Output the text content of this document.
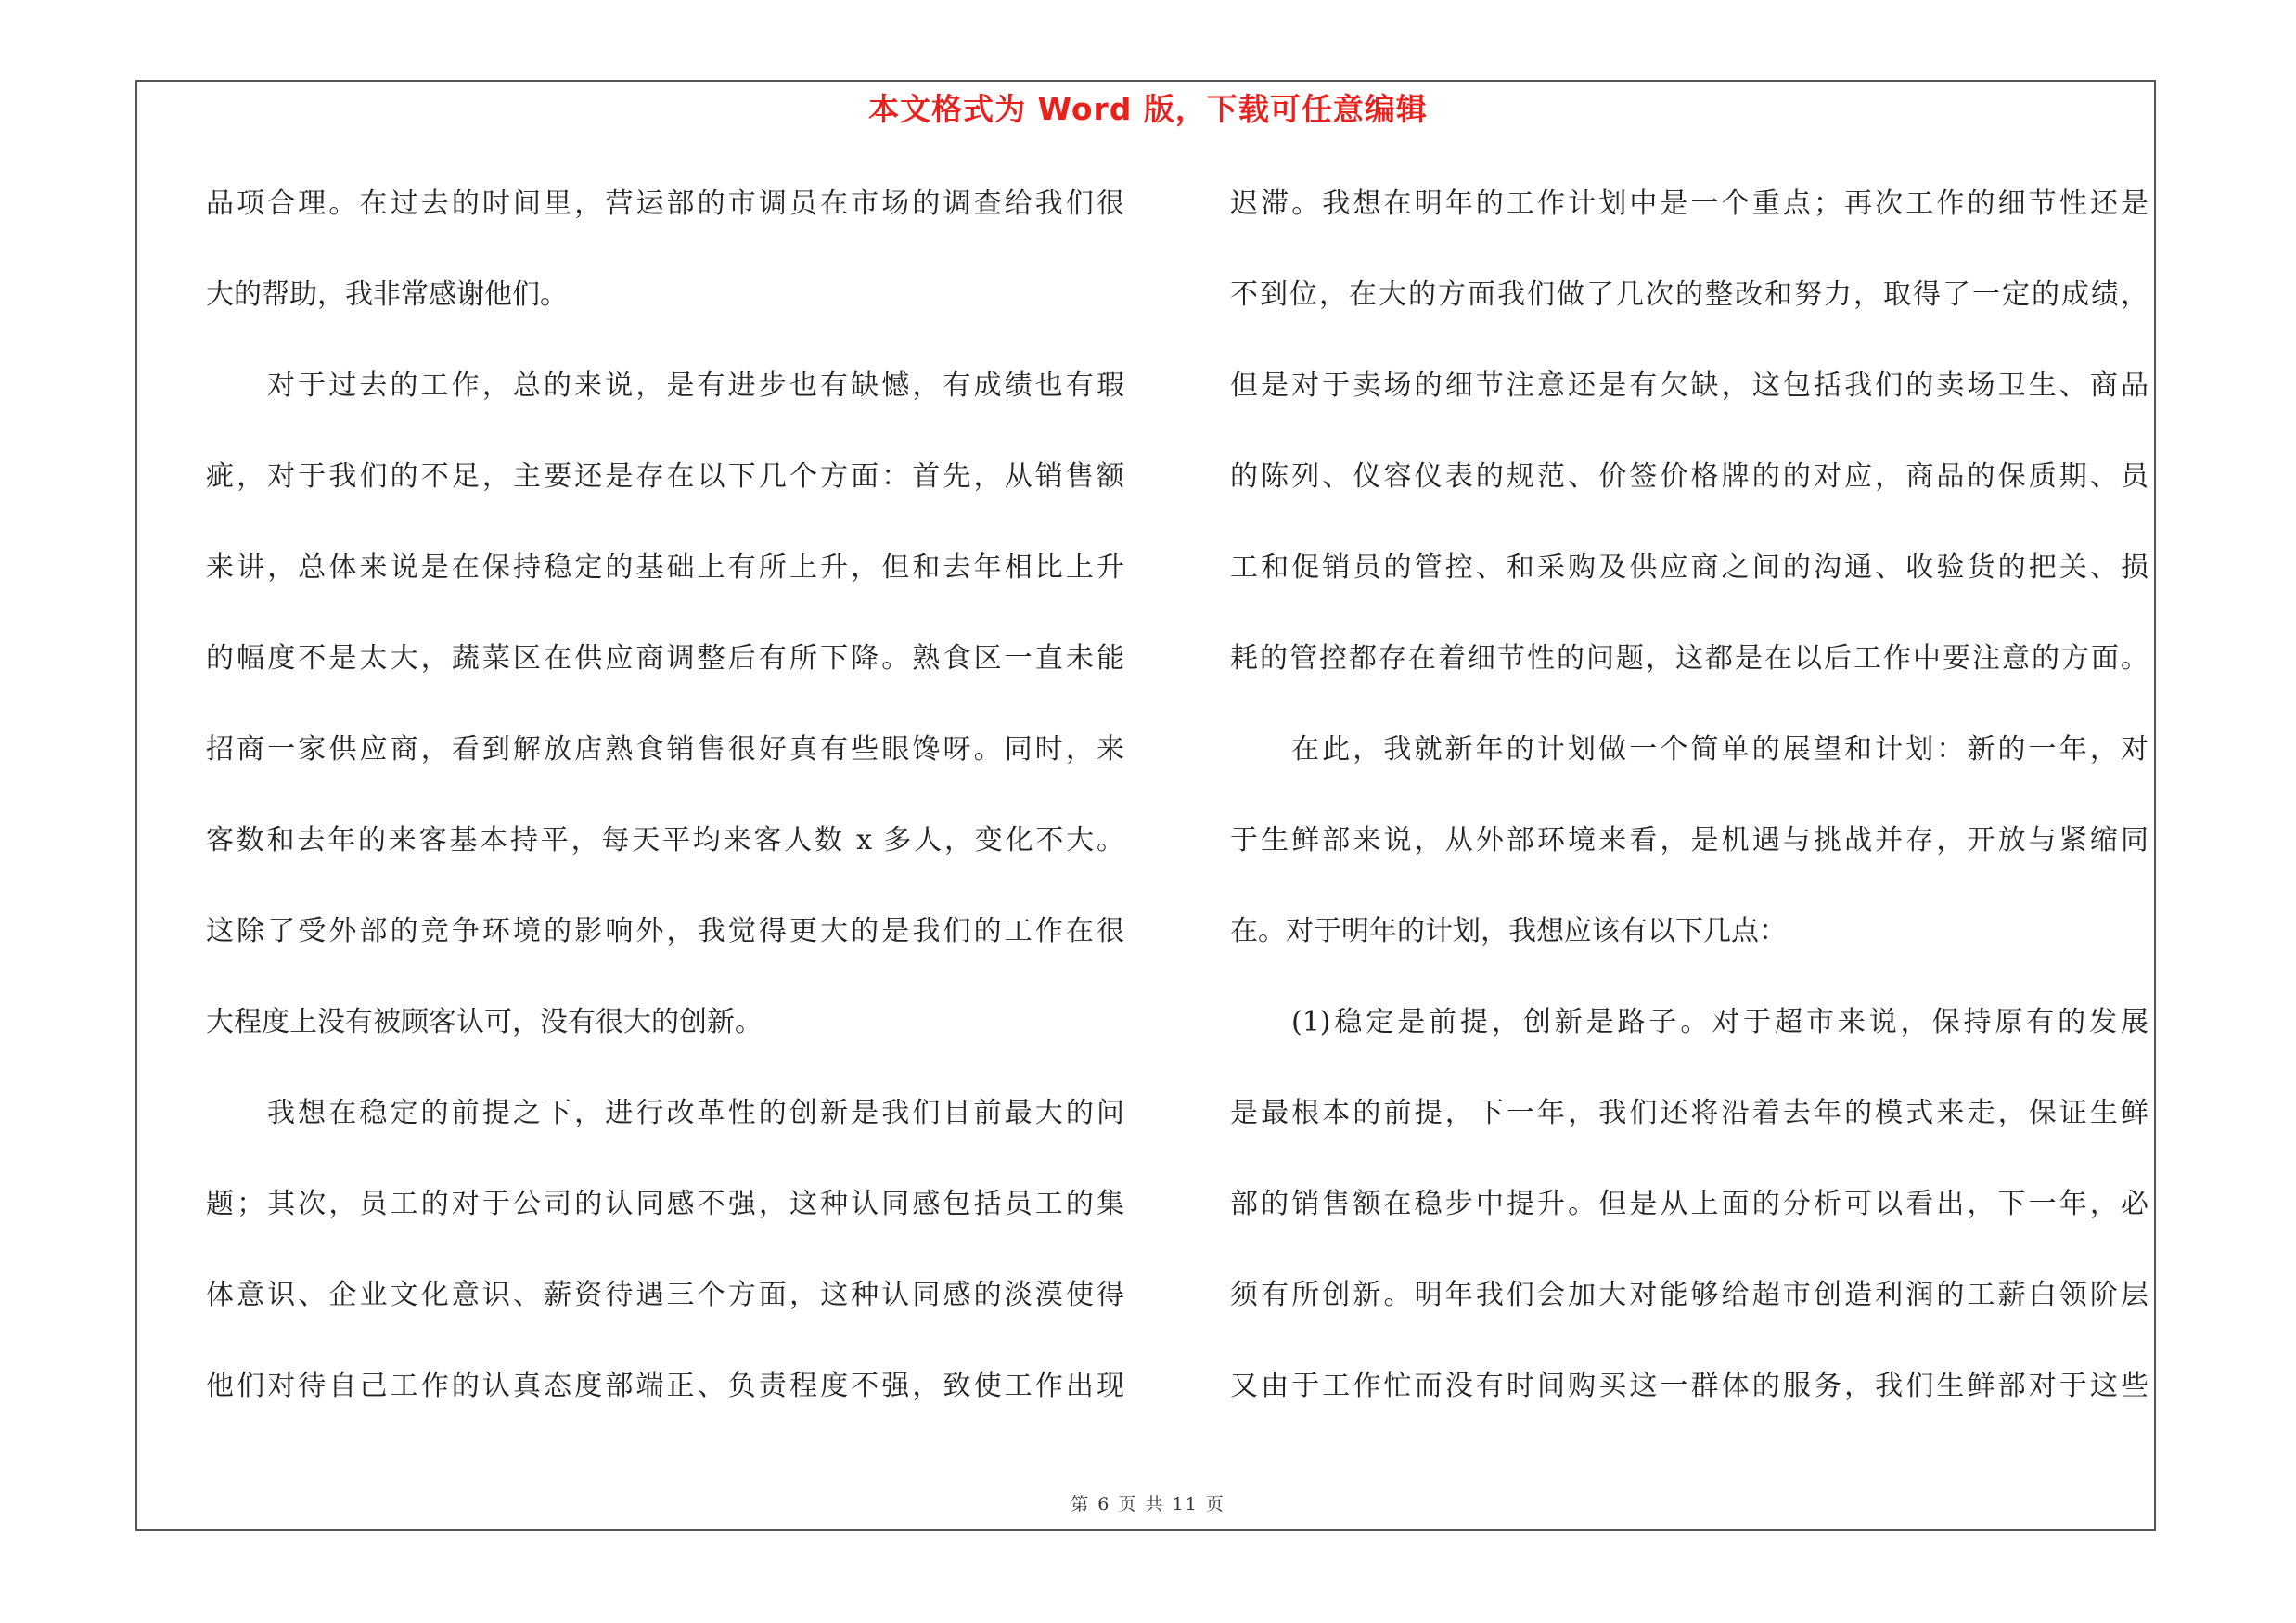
本文格式为 Word 版，下载可任意编辑
品项合理。在过去的时间里，营运部的市调员在市场的调查给我们很
大的帮助，我非常感谢他们。
对于过去的工作，总的来说，是有进步也有缺憾，有成绩也有瑕
疵，对于我们的不足，主要还是存在以下几个方面：首先，从销售额
来讲，总体来说是在保持稳定的基础上有所上升，但和去年相比上升
的幅度不是太大，蔬菜区在供应商调整后有所下降。熟食区一直未能
招商一家供应商，看到解放店熟食销售很好真有些眼馋呀。同时，来
客数和去年的来客基本持平，每天平均来客人数 x 多人，变化不大。
这除了受外部的竞争环境的影响外，我觉得更大的是我们的工作在很
大程度上没有被顾客认可，没有很大的创新。
我想在稳定的前提之下，进行改革性的创新是我们目前最大的问
题；其次，员工的对于公司的认同感不强，这种认同感包括员工的集
体意识、企业文化意识、薪资待遇三个方面，这种认同感的淡漠使得
他们对待自己工作的认真态度部端正、负责程度不强，致使工作出现
迟滞。我想在明年的工作计划中是一个重点；再次工作的细节性还是
不到位，在大的方面我们做了几次的整改和努力，取得了一定的成绩，
但是对于卖场的细节注意还是有欠缺，这包括我们的卖场卫生、商品
的陈列、仪容仪表的规范、价签价格牌的的对应，商品的保质期、员
工和促销员的管控、和采购及供应商之间的沟通、收验货的把关、损
耗的管控都存在着细节性的问题，这都是在以后工作中要注意的方面。
在此，我就新年的计划做一个简单的展望和计划：新的一年，对
于生鲜部来说，从外部环境来看，是机遇与挑战并存，开放与紧缩同
在。对于明年的计划，我想应该有以下几点：
(1)稳定是前提，创新是路子。对于超市来说，保持原有的发展
是最根本的前提，下一年，我们还将沿着去年的模式来走，保证生鲜
部的销售额在稳步中提升。但是从上面的分析可以看出，下一年，必
须有所创新。明年我们会加大对能够给超市创造利润的工薪白领阶层
又由于工作忙而没有时间购买这一群体的服务，我们生鲜部对于这些
第 6 页 共 11 页
